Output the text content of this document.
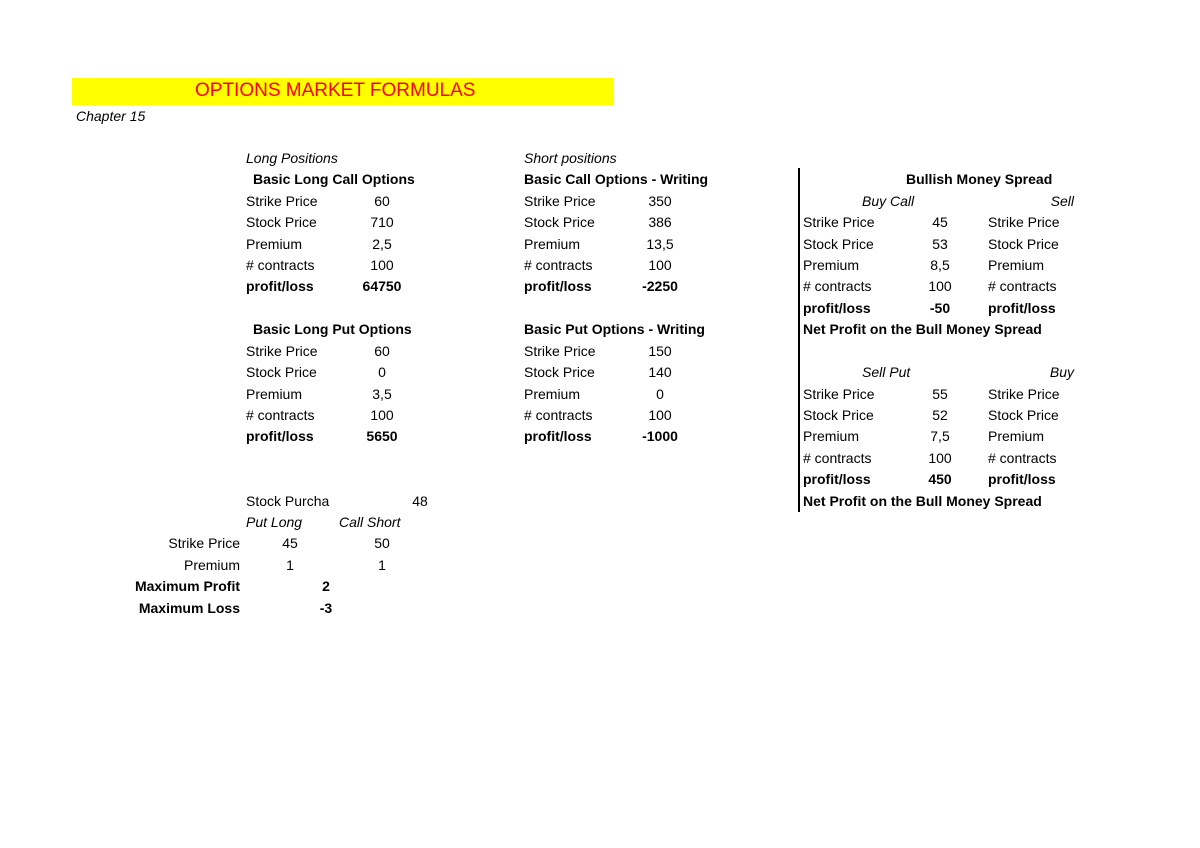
OPTIONS MARKET FORMULAS
Chapter 15
Long Positions
Basic Long Call Options
Strike Price	60
Stock Price	710
Premium	2,5
# contracts	100
profit/loss	64750
Basic Long Put Options
Strike Price	60
Stock Price	0
Premium	3,5
# contracts	100
profit/loss	5650
Short positions
Basic Call Options - Writing
Strike Price	350
Stock Price	386
Premium	13,5
# contracts	100
profit/loss	-2250
Basic Put Options - Writing
Strike Price	150
Stock Price	140
Premium	0
# contracts	100
profit/loss	-1000
Bullish Money Spread
Buy Call	Sell
Strike Price	45	Strike Price
Stock Price	53	Stock Price
Premium	8,5	Premium
# contracts	100	# contracts
profit/loss	-50	profit/loss
Net Profit on the Bull Money Spread
Sell Put	Buy
Strike Price	55	Strike Price
Stock Price	52	Stock Price
Premium	7,5	Premium
# contracts	100	# contracts
profit/loss	450	profit/loss
Net Profit on the Bull Money Spread
Stock Purcha	48
Put Long	Call Short
Strike Price	45	50
Premium	1	1
Maximum Profit	2
Maximum Loss	-3
